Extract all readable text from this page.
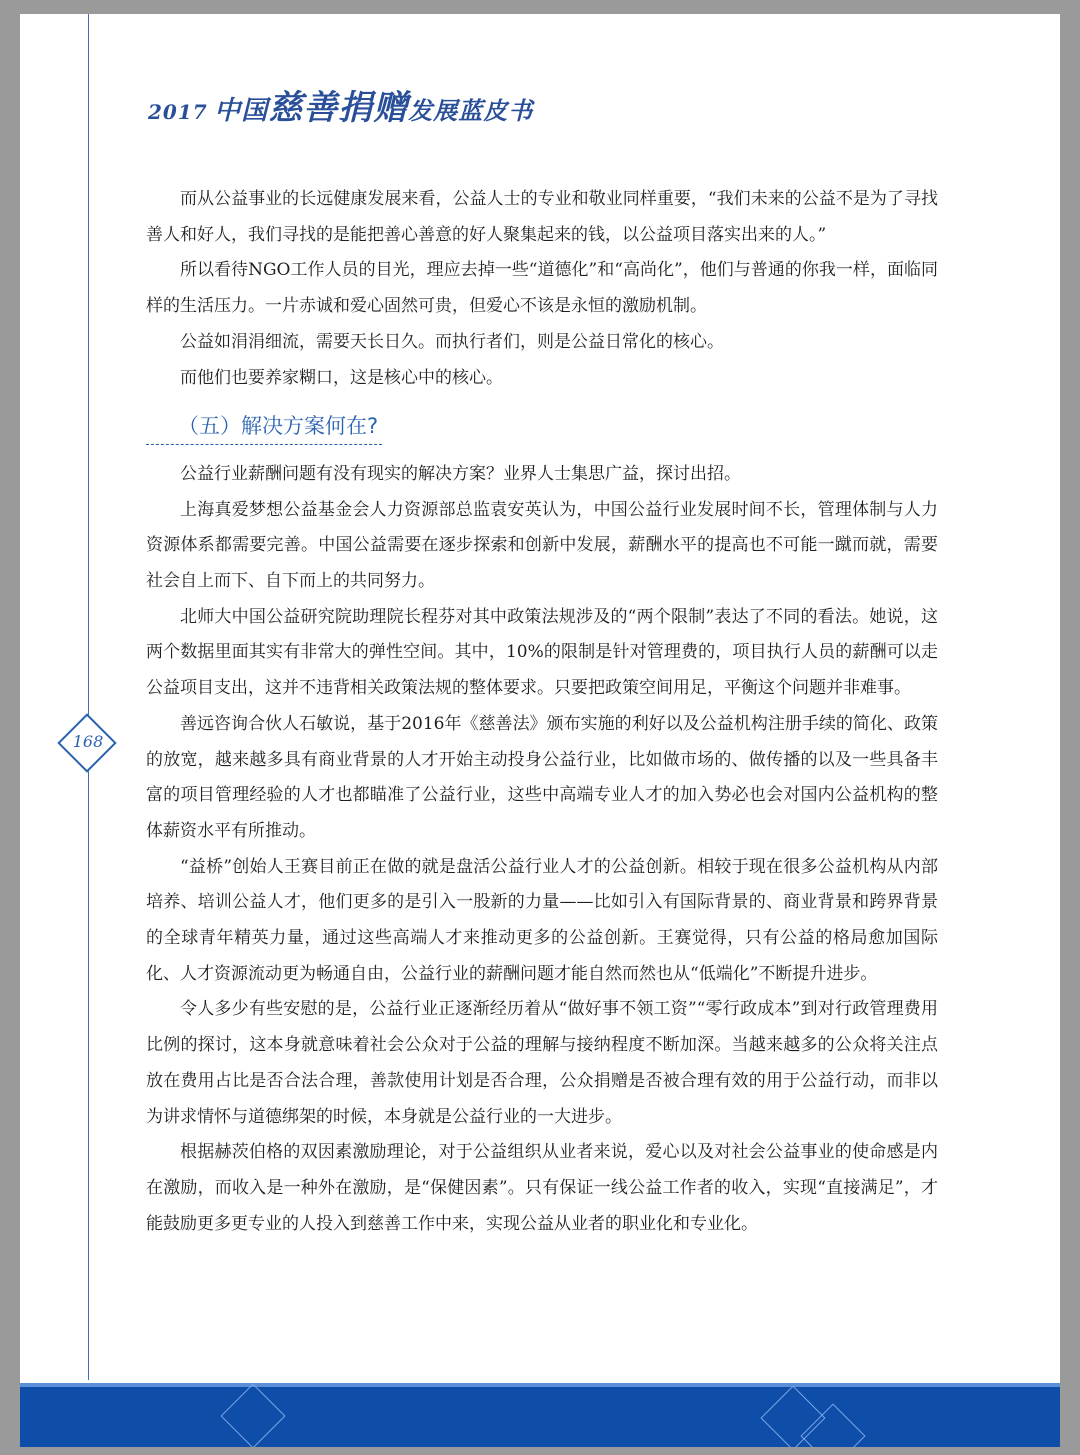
2017 中国慈善捐赠发展蓝皮书

而从公益事业的长远健康发展来看，公益人士的专业和敬业同样重要，“我们未来的公益不是为了寻找善人和好人，我们寻找的是能把善心善意的好人聚集起来的钱，以公益项目落实出来的人。”

所以看待NGO工作人员的目光，理应去掉一些“道德化”和“高尚化”，他们与普通的你我一样，面临同样的生活压力。一片赤诚和爱心固然可贵，但爱心不该是永恒的激励机制。

公益如涓涓细流，需要天长日久。而执行者们，则是公益日常化的核心。

而他们也要养家糊口，这是核心中的核心。

（五）解决方案何在?

公益行业薪酬问题有没有现实的解决方案？业界人士集思广益，探讨出招。

上海真爱梦想公益基金会人力资源部总监袁安英认为，中国公益行业发展时间不长，管理体制与人力资源体系都需要完善。中国公益需要在逐步探索和创新中发展，薪酬水平的提高也不可能一蹴而就，需要社会自上而下、自下而上的共同努力。

北师大中国公益研究院助理院长程芬对其中政策法规涉及的“两个限制”表达了不同的看法。她说，这两个数据里面其实有非常大的弹性空间。其中，10%的限制是针对管理费的，项目执行人员的薪酬可以走公益项目支出，这并不违背相关政策法规的整体要求。只要把政策空间用足，平衡这个问题并非难事。

善远咨询合伙人石敏说，基于2016年《慈善法》颁布实施的利好以及公益机构注册手续的简化、政策的放宽，越来越多具有商业背景的人才开始主动投身公益行业，比如做市场的、做传播的以及一些具备丰富的项目管理经验的人才也都瞄准了公益行业，这些中高端专业人才的加入势必也会对国内公益机构的整体薪资水平有所推动。

“益桥”创始人王赛目前正在做的就是盘活公益行业人才的公益创新。相较于现在很多公益机构从内部培养、培训公益人才，他们更多的是引入一股新的力量——比如引入有国际背景的、商业背景和跨界背景的全球青年精英力量，通过这些高端人才来推动更多的公益创新。王赛觉得，只有公益的格局愈加国际化、人才资源流动更为畅通自由，公益行业的薪酬问题才能自然而然也从“低端化”不断提升进步。

令人多少有些安慰的是，公益行业正逐渐经历着从“做好事不领工资”“零行政成本”到对行政管理费用比例的探讨，这本身就意味着社会公众对于公益的理解与接纳程度不断加深。当越来越多的公众将关注点放在费用占比是否合法合理，善款使用计划是否合理，公众捐赠是否被合理有效的用于公益行动，而非以为讲求情怀与道德绑架的时候，本身就是公益行业的一大进步。

根据赫茨伯格的双因素激励理论，对于公益组织从业者来说，爱心以及对社会公益事业的使命感是内在激励，而收入是一种外在激励，是“保健因素”。只有保证一线公益工作者的收入，实现“直接满足”，才能鼓励更多更专业的人投入到慈善工作中来，实现公益从业者的职业化和专业化。

168
